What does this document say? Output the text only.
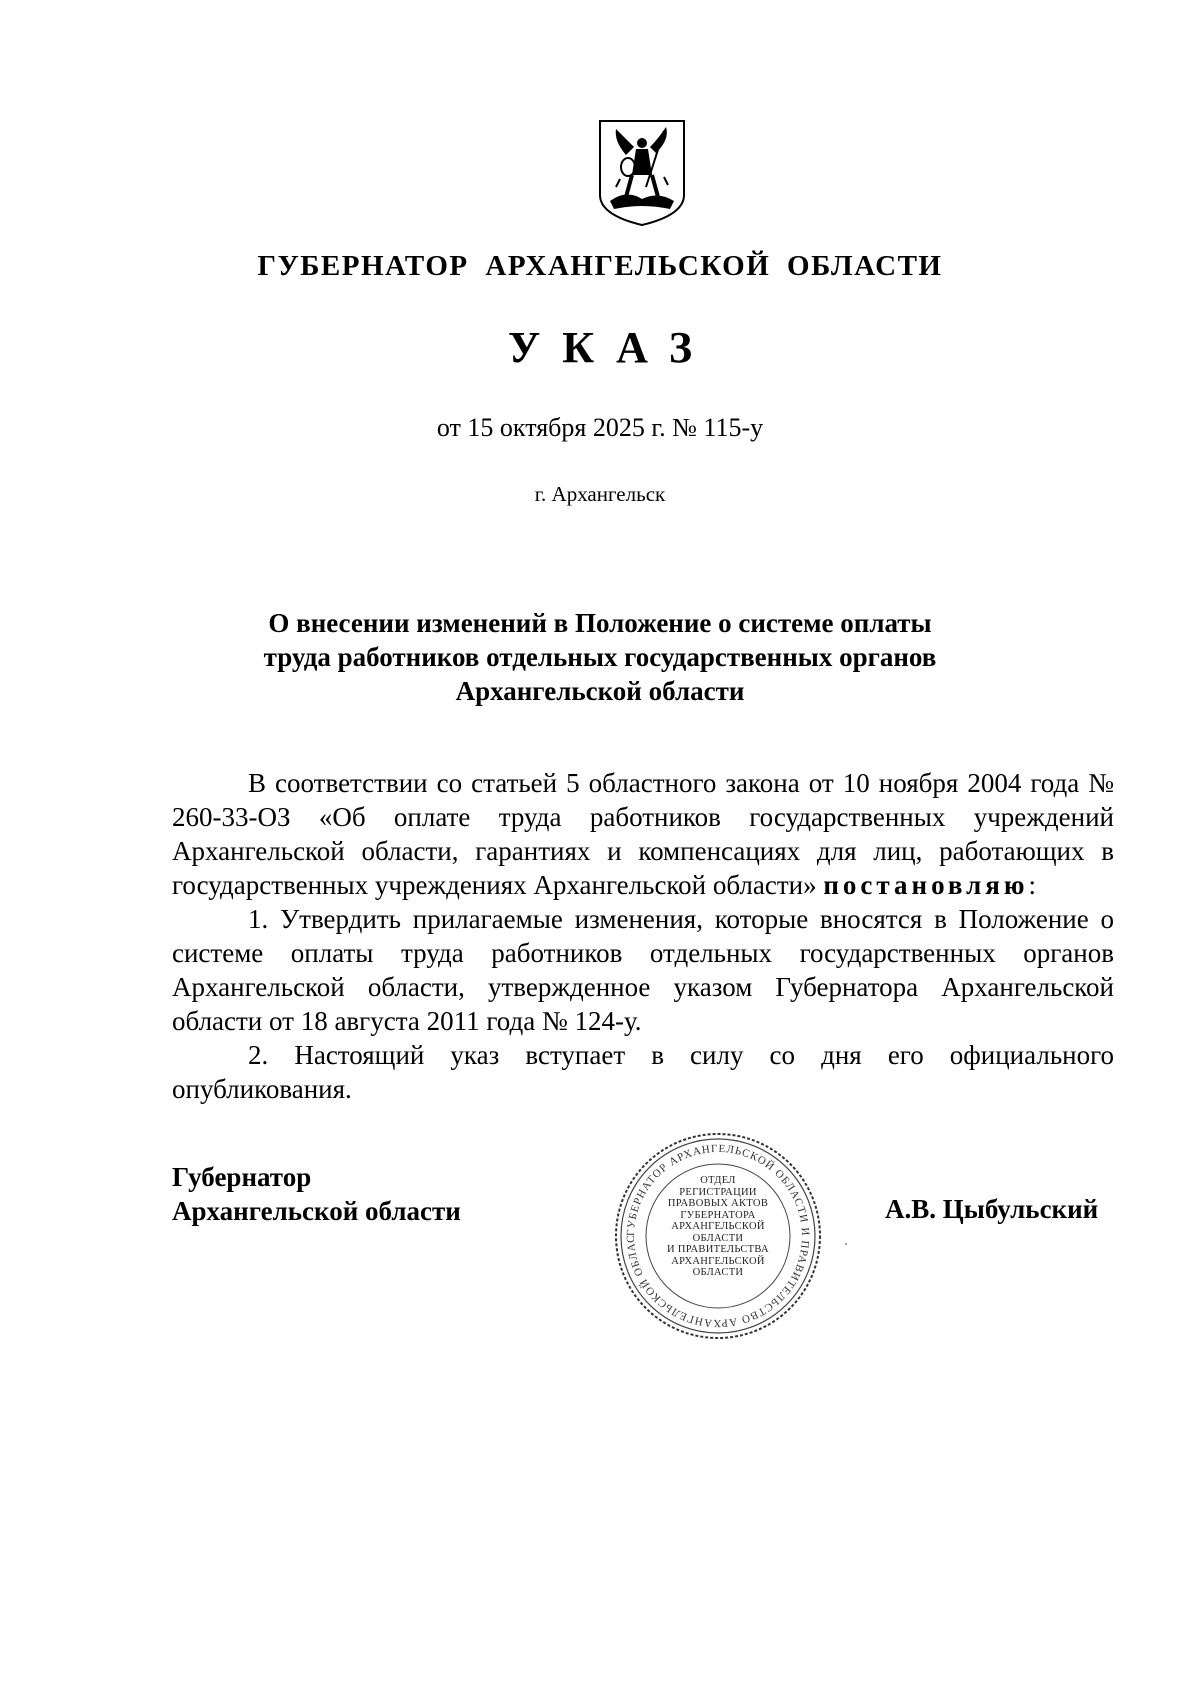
ГУБЕРНАТОР АРХАНГЕЛЬСКОЙ ОБЛАСТИ
УКАЗ
от 15 октября 2025 г. № 115-у
г. Архангельск
О внесении изменений в Положение о системе оплаты
труда работников отдельных государственных органов
Архангельской области

В соответствии со статьей 5 областного закона от 10 ноября 2004 года № 260-33-ОЗ «Об оплате труда работников государственных учреждений Архангельской области, гарантиях и компенсациях для лиц, работающих в государственных учреждениях Архангельской области» постановляю:

1. Утвердить прилагаемые изменения, которые вносятся в Положение о системе оплаты труда работников отдельных государственных органов Архангельской области, утвержденное указом Губернатора Архангельской области от 18 августа 2011 года № 124-у.

2. Настоящий указ вступает в силу со дня его официального опубликования.

Губернатор
Архангельской области
ГУБЕРНАТОР АРХАНГЕЛЬСКОЙ ОБЛАСТИ И ПРАВИТЕЛЬСТВО АРХАНГЕЛЬСКОЙ ОБЛАС
ОТДЕЛ
РЕГИСТРАЦИИ
ПРАВОВЫХ АКТОВ
ГУБЕРНАТОРА
АРХАНГЕЛЬСКОЙ
ОБЛАСТИ
И ПРАВИТЕЛЬСТВА
АРХАНГЕЛЬСКОЙ
ОБЛАСТИ
А.В. Цыбульский
